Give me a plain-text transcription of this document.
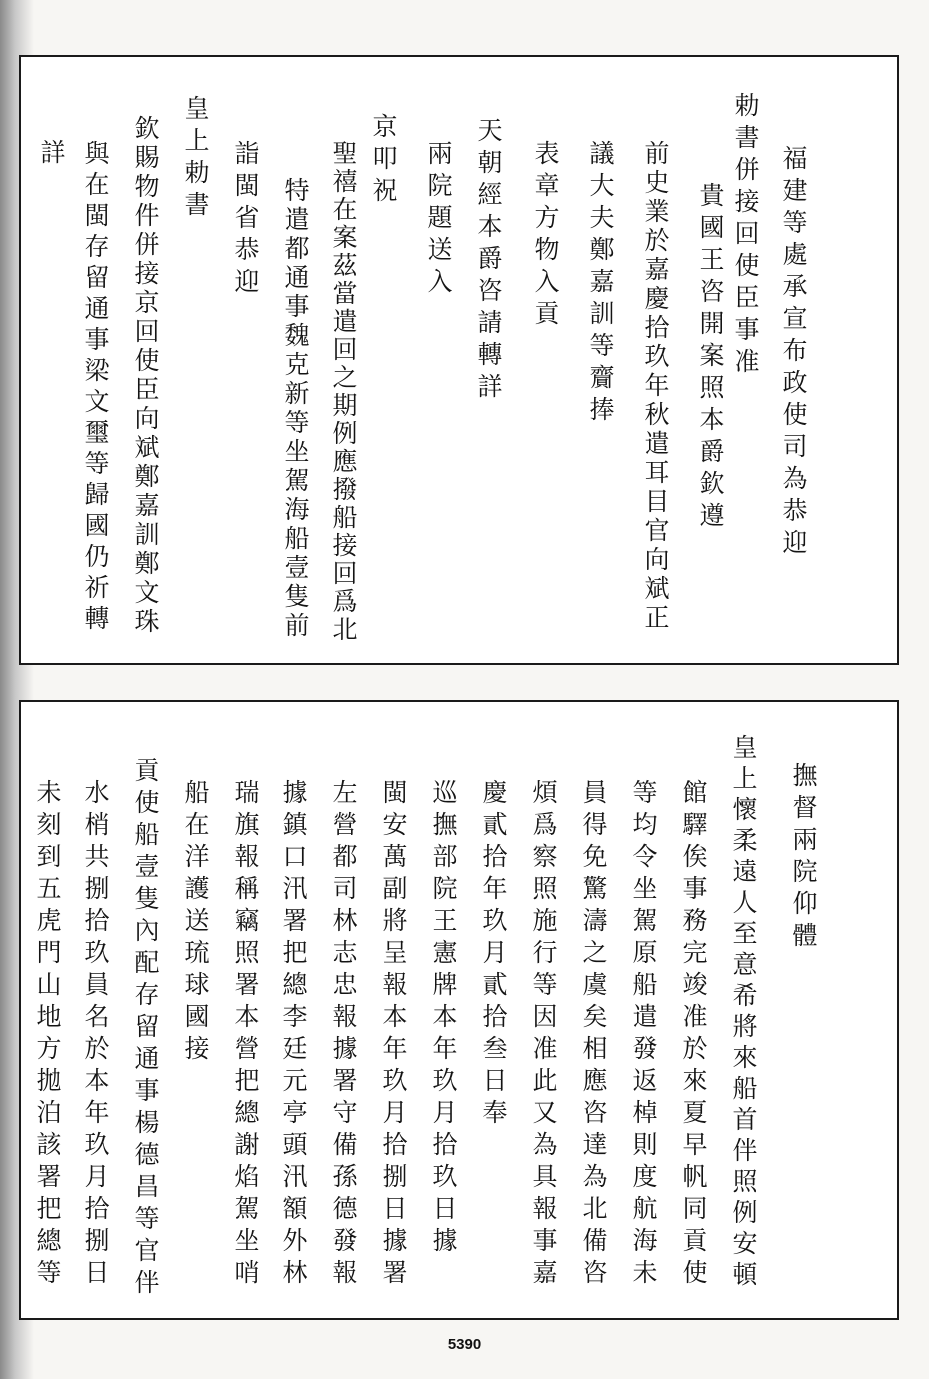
福建等處承宣布政使司為恭迎
貴國王咨開案照本爵欽遵
前史業於嘉慶拾玖年秋遣耳目官向斌正
議大夫鄭嘉訓等齎捧
表章方物入貢
天朝經本爵咨請轉詳
兩院題送入
京叩祝
聖禧在案茲當遣回之期例應撥船接回爲北
特遣都通事魏克新等坐駕海船壹隻前
詣閩省恭迎
皇上勅書
欽賜物件併接京回使臣向斌鄭嘉訓鄭文珠
與在閩存留通事梁文璽等歸國仍祈轉	勅書併接回使臣事准
詳
撫督兩院仰體
皇上懷柔遠人至意希將來船首伴照例安頓
館驛俟事務完竣准於來夏早帆同貢使
等均令坐駕原船遣發返棹則度航海未
員得免驚濤之虞矣相應咨達為北備咨
煩爲察照施行等因准此又為具報事嘉
慶貳拾年玖月貳拾叁日奉
巡撫部院王憲牌本年玖月拾玖日據
閩安萬副將呈報本年玖月拾捌日據署
左營都司林志忠報據署守備孫德發報
據鎮口汛署把總李廷元亭頭汛額外林
瑞旗報稱竊照署本營把總謝焰駕坐哨
船在洋護送琉球國接
貢使船壹隻內配存留通事楊德昌等官伴
水梢共捌拾玖員名於本年玖月拾捌日
未刻到五虎門山地方拋泊該署把總等
5390
